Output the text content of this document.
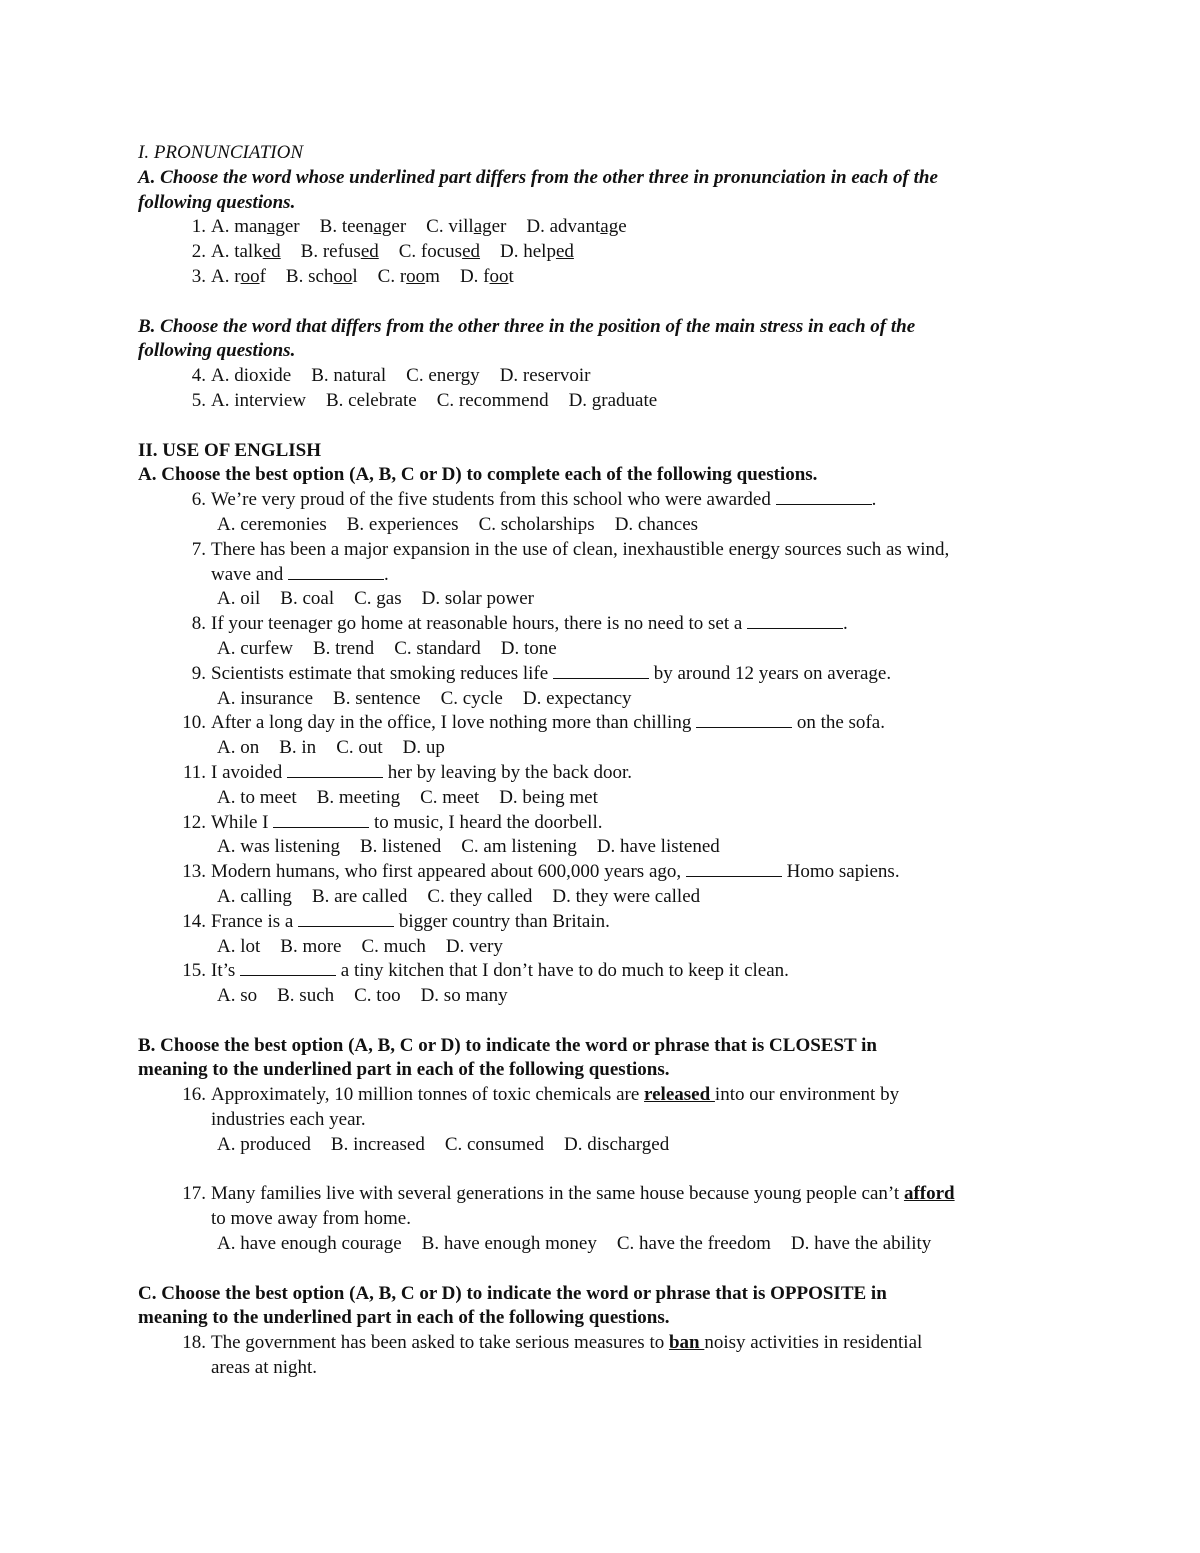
I. PRONUNCIATION
A. Choose the word whose underlined part differs from the other three in pronunciation in each of the
following questions.
1. A. manager B. teenager C. villager D. advantage
2. A. talked B. refused C. focused D. helped
3. A. roof B. school C. room D. foot
B. Choose the word that differs from the other three in the position of the main stress in each of the
following questions.
4. A. dioxide B. natural C. energy D. reservoir
5. A. interview B. celebrate C. recommend D. graduate
II. USE OF ENGLISH
A. Choose the best option (A, B, C or D) to complete each of the following questions.
6. We’re very proud of the five students from this school who were awarded	.
A. ceremonies B. experiences C. scholarships D. chances
7. There has been a major expansion in the use of clean, inexhaustible energy sources such as wind,
wave and	.
A. oil B. coal C. gas D. solar power
8. If your teenager go home at reasonable hours, there is no need to set a	.
A. curfew B. trend C. standard D. tone
9. Scientists estimate that smoking reduces life	by around 12 years on average.
A. insurance B. sentence C. cycle D. expectancy
10. After a long day in the office, I love nothing more than chilling	on the sofa.
A. on B. in C. out D. up
11. I avoided	her by leaving by the back door.
A. to meet B. meeting C. meet D. being met
12. While I	to music, I heard the doorbell.
A. was listening B. listened C. am listening D. have listened
13. Modern humans, who first appeared about 600,000 years ago,	Homo sapiens.
A. calling B. are called C. they called D. they were called
14. France is a	bigger country than Britain.
A. lot B. more C. much D. very
15. It’s	a tiny kitchen that I don’t have to do much to keep it clean.
A. so B. such C. too D. so many
B. Choose the best option (A, B, C or D) to indicate the word or phrase that is CLOSEST in
meaning to the underlined part in each of the following questions.
16. Approximately, 10 million tonnes of toxic chemicals are released into our environment by
industries each year.
A. produced B. increased C. consumed D. discharged
17. Many families live with several generations in the same house because young people can’t afford
to move away from home.
A. have enough courage B. have enough money C. have the freedom D. have the ability
C. Choose the best option (A, B, C or D) to indicate the word or phrase that is OPPOSITE in
meaning to the underlined part in each of the following questions.
18. The government has been asked to take serious measures to ban noisy activities in residential
areas at night.
